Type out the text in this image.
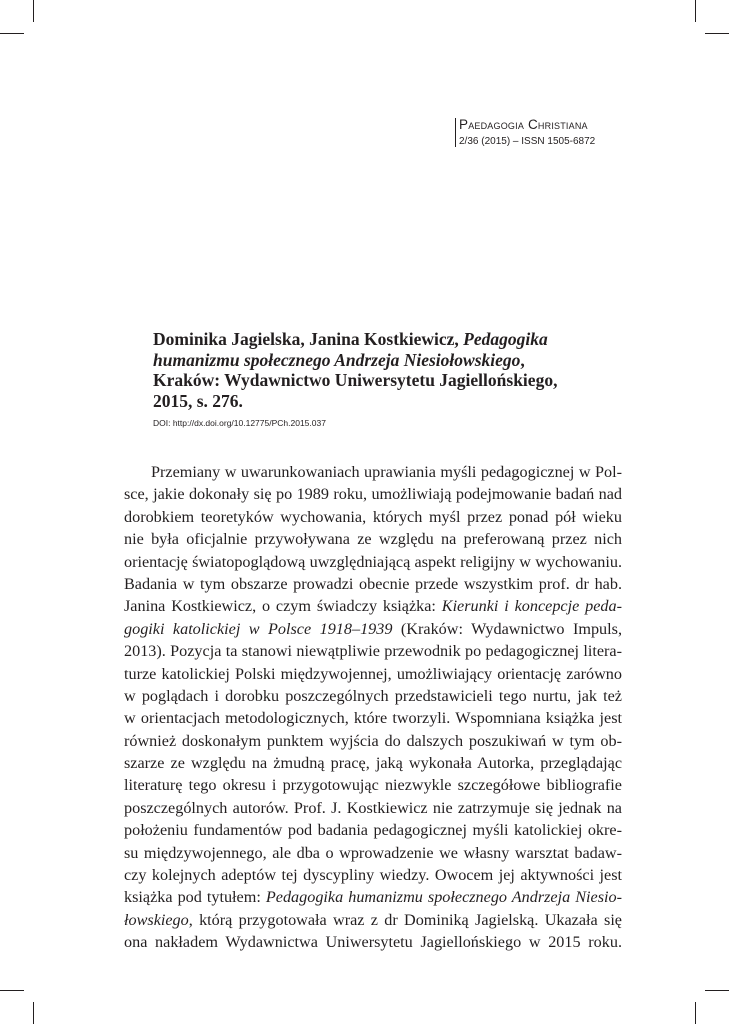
Paedagogia Christiana
2/36 (2015) – ISSN 1505-6872
Dominika Jagielska, Janina Kostkiewicz, Pedagogika
humanizmu społecznego Andrzeja Niesiołowskiego,
Kraków: Wydawnictwo Uniwersytetu Jagiellońskiego,
2015, s. 276.
DOI: http://dx.doi.org/10.12775/PCh.2015.037
Przemiany w uwarunkowaniach uprawiania myśli pedagogicznej w Pol-
sce, jakie dokonały się po 1989 roku, umożliwiają podejmowanie badań nad
dorobkiem teoretyków wychowania, których myśl przez ponad pół wieku
nie była oficjalnie przywoływana ze względu na preferowaną przez nich
orientację światopoglądową uwzględniającą aspekt religijny w wychowaniu.
Badania w tym obszarze prowadzi obecnie przede wszystkim prof. dr hab.
Janina Kostkiewicz, o czym świadczy książka: Kierunki i koncepcje peda-
gogiki katolickiej w Polsce 1918–1939 (Kraków: Wydawnictwo Impuls,
2013). Pozycja ta stanowi niewątpliwie przewodnik po pedagogicznej litera-
turze katolickiej Polski międzywojennej, umożliwiający orientację zarówno
w poglądach i dorobku poszczególnych przedstawicieli tego nurtu, jak też
w orientacjach metodologicznych, które tworzyli. Wspomniana książka jest
również doskonałym punktem wyjścia do dalszych poszukiwań w tym ob-
szarze ze względu na żmudną pracę, jaką wykonała Autorka, przeglądając
literaturę tego okresu i przygotowując niezwykle szczegółowe bibliografie
poszczególnych autorów. Prof. J. Kostkiewicz nie zatrzymuje się jednak na
położeniu fundamentów pod badania pedagogicznej myśli katolickiej okre-
su międzywojennego, ale dba o wprowadzenie we własny warsztat badaw-
czy kolejnych adeptów tej dyscypliny wiedzy. Owocem jej aktywności jest
książka pod tytułem: Pedagogika humanizmu społecznego Andrzeja Niesio-
łowskiego, którą przygotowała wraz z dr Dominiką Jagielską. Ukazała się
ona nakładem Wydawnictwa Uniwersytetu Jagiellońskiego w 2015 roku.
